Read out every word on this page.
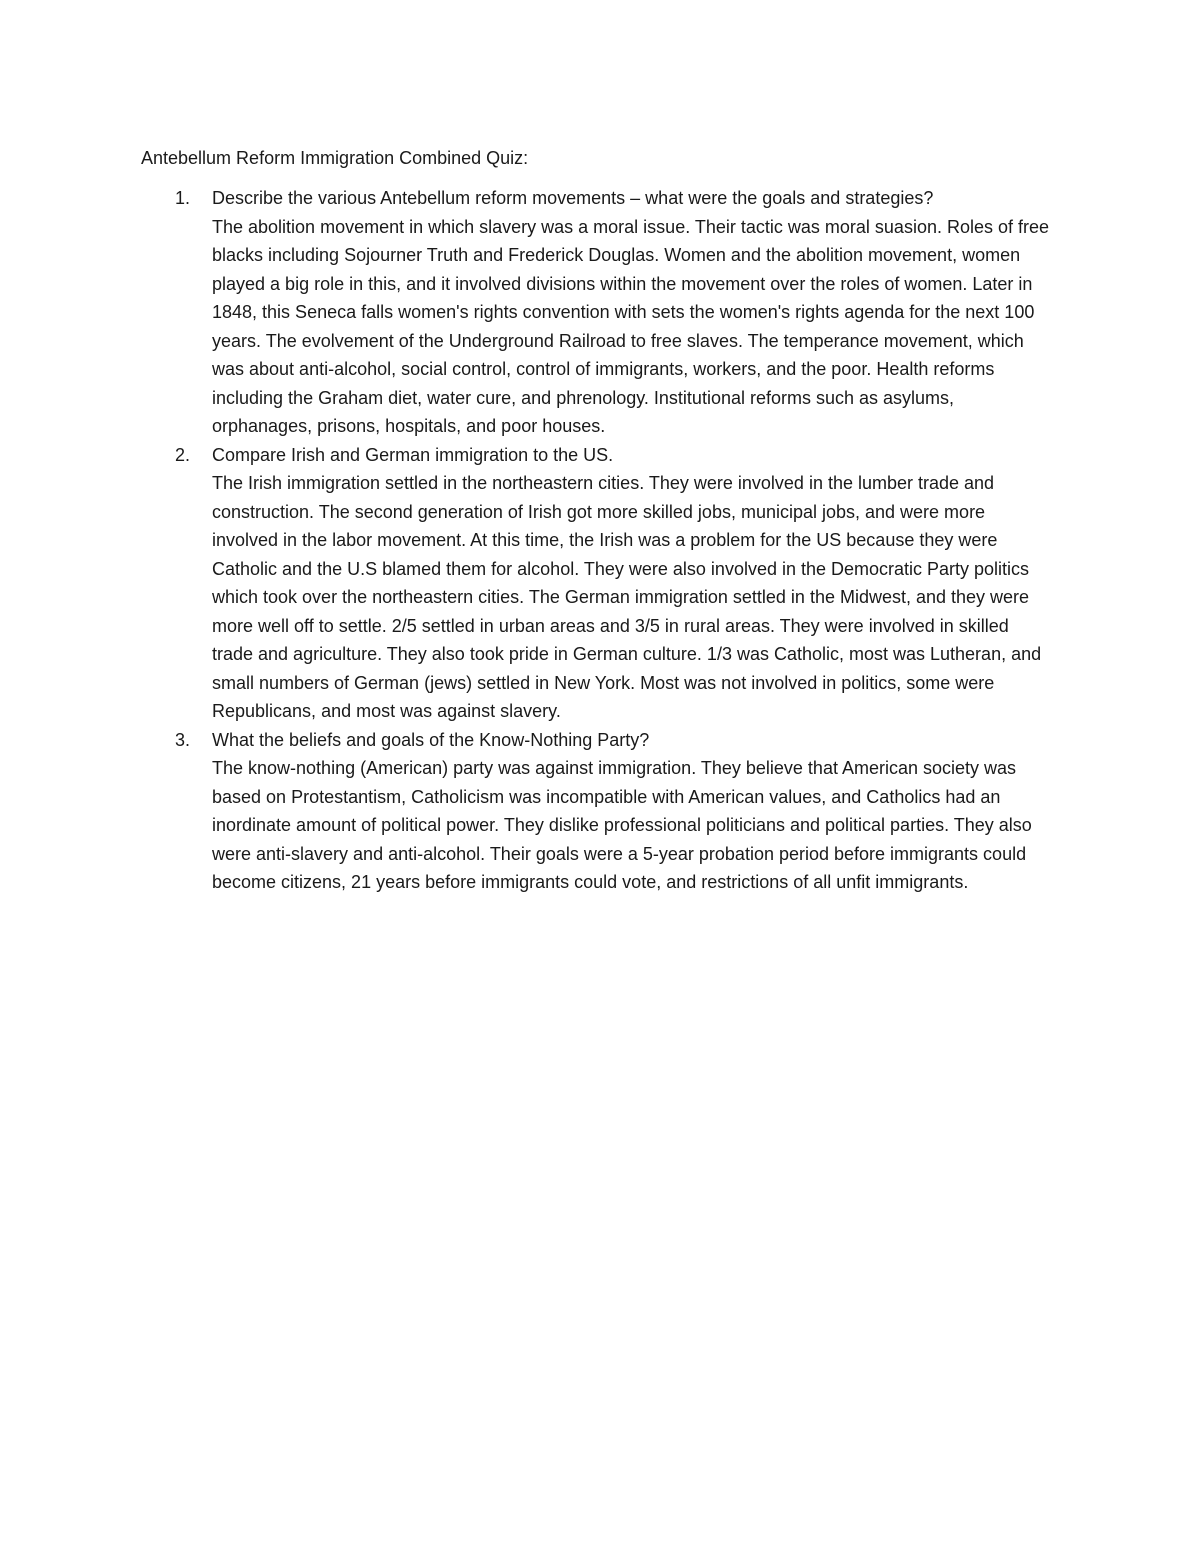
Antebellum Reform Immigration Combined Quiz:
1. Describe the various Antebellum reform movements – what were the goals and strategies?
The abolition movement in which slavery was a moral issue. Their tactic was moral suasion. Roles of free blacks including Sojourner Truth and Frederick Douglas. Women and the abolition movement, women played a big role in this, and it involved divisions within the movement over the roles of women. Later in 1848, this Seneca falls women's rights convention with sets the women's rights agenda for the next 100 years. The evolvement of the Underground Railroad to free slaves. The temperance movement, which was about anti-alcohol, social control, control of immigrants, workers, and the poor. Health reforms including the Graham diet, water cure, and phrenology. Institutional reforms such as asylums, orphanages, prisons, hospitals, and poor houses.
2. Compare Irish and German immigration to the US.
The Irish immigration settled in the northeastern cities. They were involved in the lumber trade and construction. The second generation of Irish got more skilled jobs, municipal jobs, and were more involved in the labor movement. At this time, the Irish was a problem for the US because they were Catholic and the U.S blamed them for alcohol. They were also involved in the Democratic Party politics which took over the northeastern cities. The German immigration settled in the Midwest, and they were more well off to settle. 2/5 settled in urban areas and 3/5 in rural areas. They were involved in skilled trade and agriculture. They also took pride in German culture. 1/3 was Catholic, most was Lutheran, and small numbers of German (jews) settled in New York. Most was not involved in politics, some were Republicans, and most was against slavery.
3. What the beliefs and goals of the Know-Nothing Party?
The know-nothing (American) party was against immigration. They believe that American society was based on Protestantism, Catholicism was incompatible with American values, and Catholics had an inordinate amount of political power. They dislike professional politicians and political parties. They also were anti-slavery and anti-alcohol. Their goals were a 5-year probation period before immigrants could become citizens, 21 years before immigrants could vote, and restrictions of all unfit immigrants.
